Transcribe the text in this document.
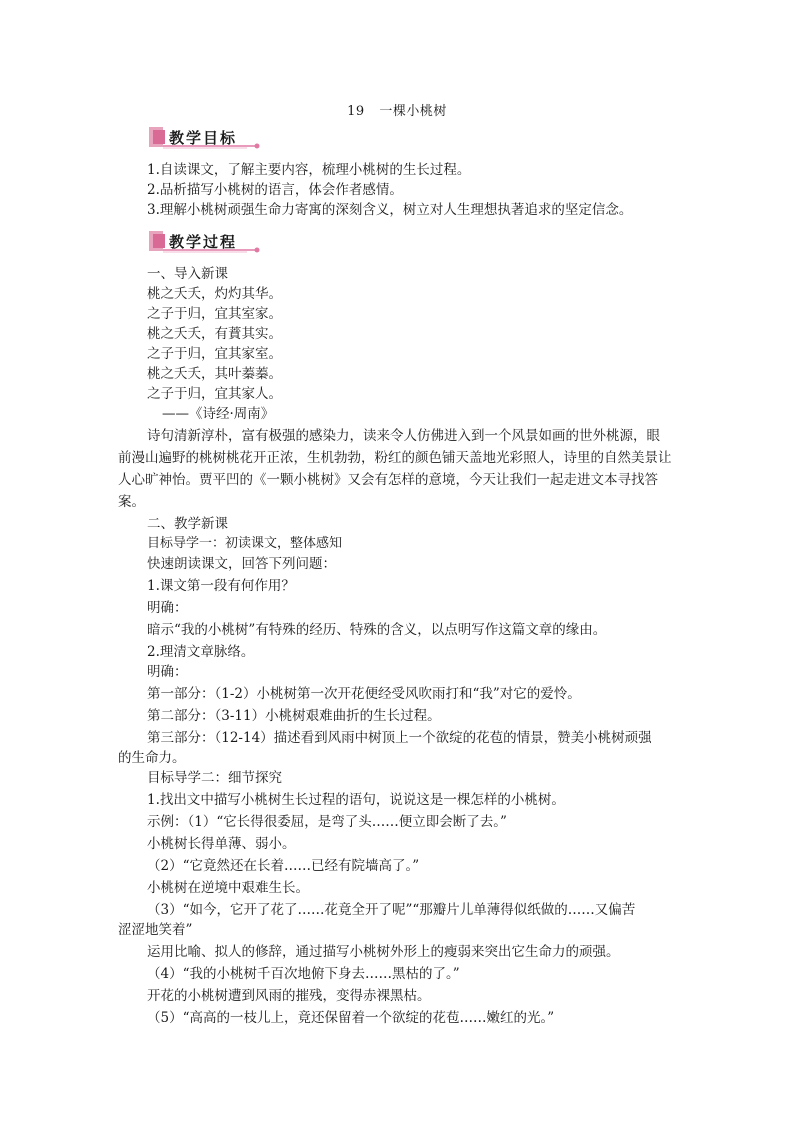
19 一棵小桃树
教学目标
教学过程
1.自读课文，了解主要内容，梳理小桃树的生长过程。
2.品析描写小桃树的语言，体会作者感情。
3.理解小桃树顽强生命力寄寓的深刻含义，树立对人生理想执著追求的坚定信念。
一、导入新课
桃之夭夭，灼灼其华。
之子于归，宜其室家。
桃之夭夭，有蕡其实。
之子于归，宜其家室。
桃之夭夭，其叶蓁蓁。
之子于归，宜其家人。
——《诗经·周南》
诗句清新淳朴，富有极强的感染力，读来令人仿佛进入到一个风景如画的世外桃源，眼
前漫山遍野的桃树桃花开正浓，生机勃勃，粉红的颜色铺天盖地光彩照人，诗里的自然美景让
人心旷神怡。贾平凹的《一颗小桃树》又会有怎样的意境，今天让我们一起走进文本寻找答
案。
二、教学新课
目标导学一：初读课文，整体感知
快速朗读课文，回答下列问题：
1.课文第一段有何作用？
明确：
暗示“我的小桃树”有特殊的经历、特殊的含义，以点明写作这篇文章的缘由。
2.理清文章脉络。
明确：
第一部分：（1-2）小桃树第一次开花便经受风吹雨打和“我”对它的爱怜。
第二部分：（3-11）小桃树艰难曲折的生长过程。
第三部分：（12-14）描述看到风雨中树顶上一个欲绽的花苞的情景，赞美小桃树顽强
的生命力。
目标导学二：细节探究
1.找出文中描写小桃树生长过程的语句，说说这是一棵怎样的小桃树。
示例：（1）“它长得很委屈，是弯了头……便立即会断了去。”
小桃树长得单薄、弱小。
（2）“它竟然还在长着……已经有院墙高了。”
小桃树在逆境中艰难生长。
（3）“如今，它开了花了……花竟全开了呢”“那瓣片儿单薄得似纸做的……又偏苦
涩涩地笑着”
运用比喻、拟人的修辞，通过描写小桃树外形上的瘦弱来突出它生命力的顽强。
（4）“我的小桃树千百次地俯下身去……黑枯的了。”
开花的小桃树遭到风雨的摧残，变得赤裸黑枯。
（5）“高高的一枝儿上，竟还保留着一个欲绽的花苞……嫩红的光。”
